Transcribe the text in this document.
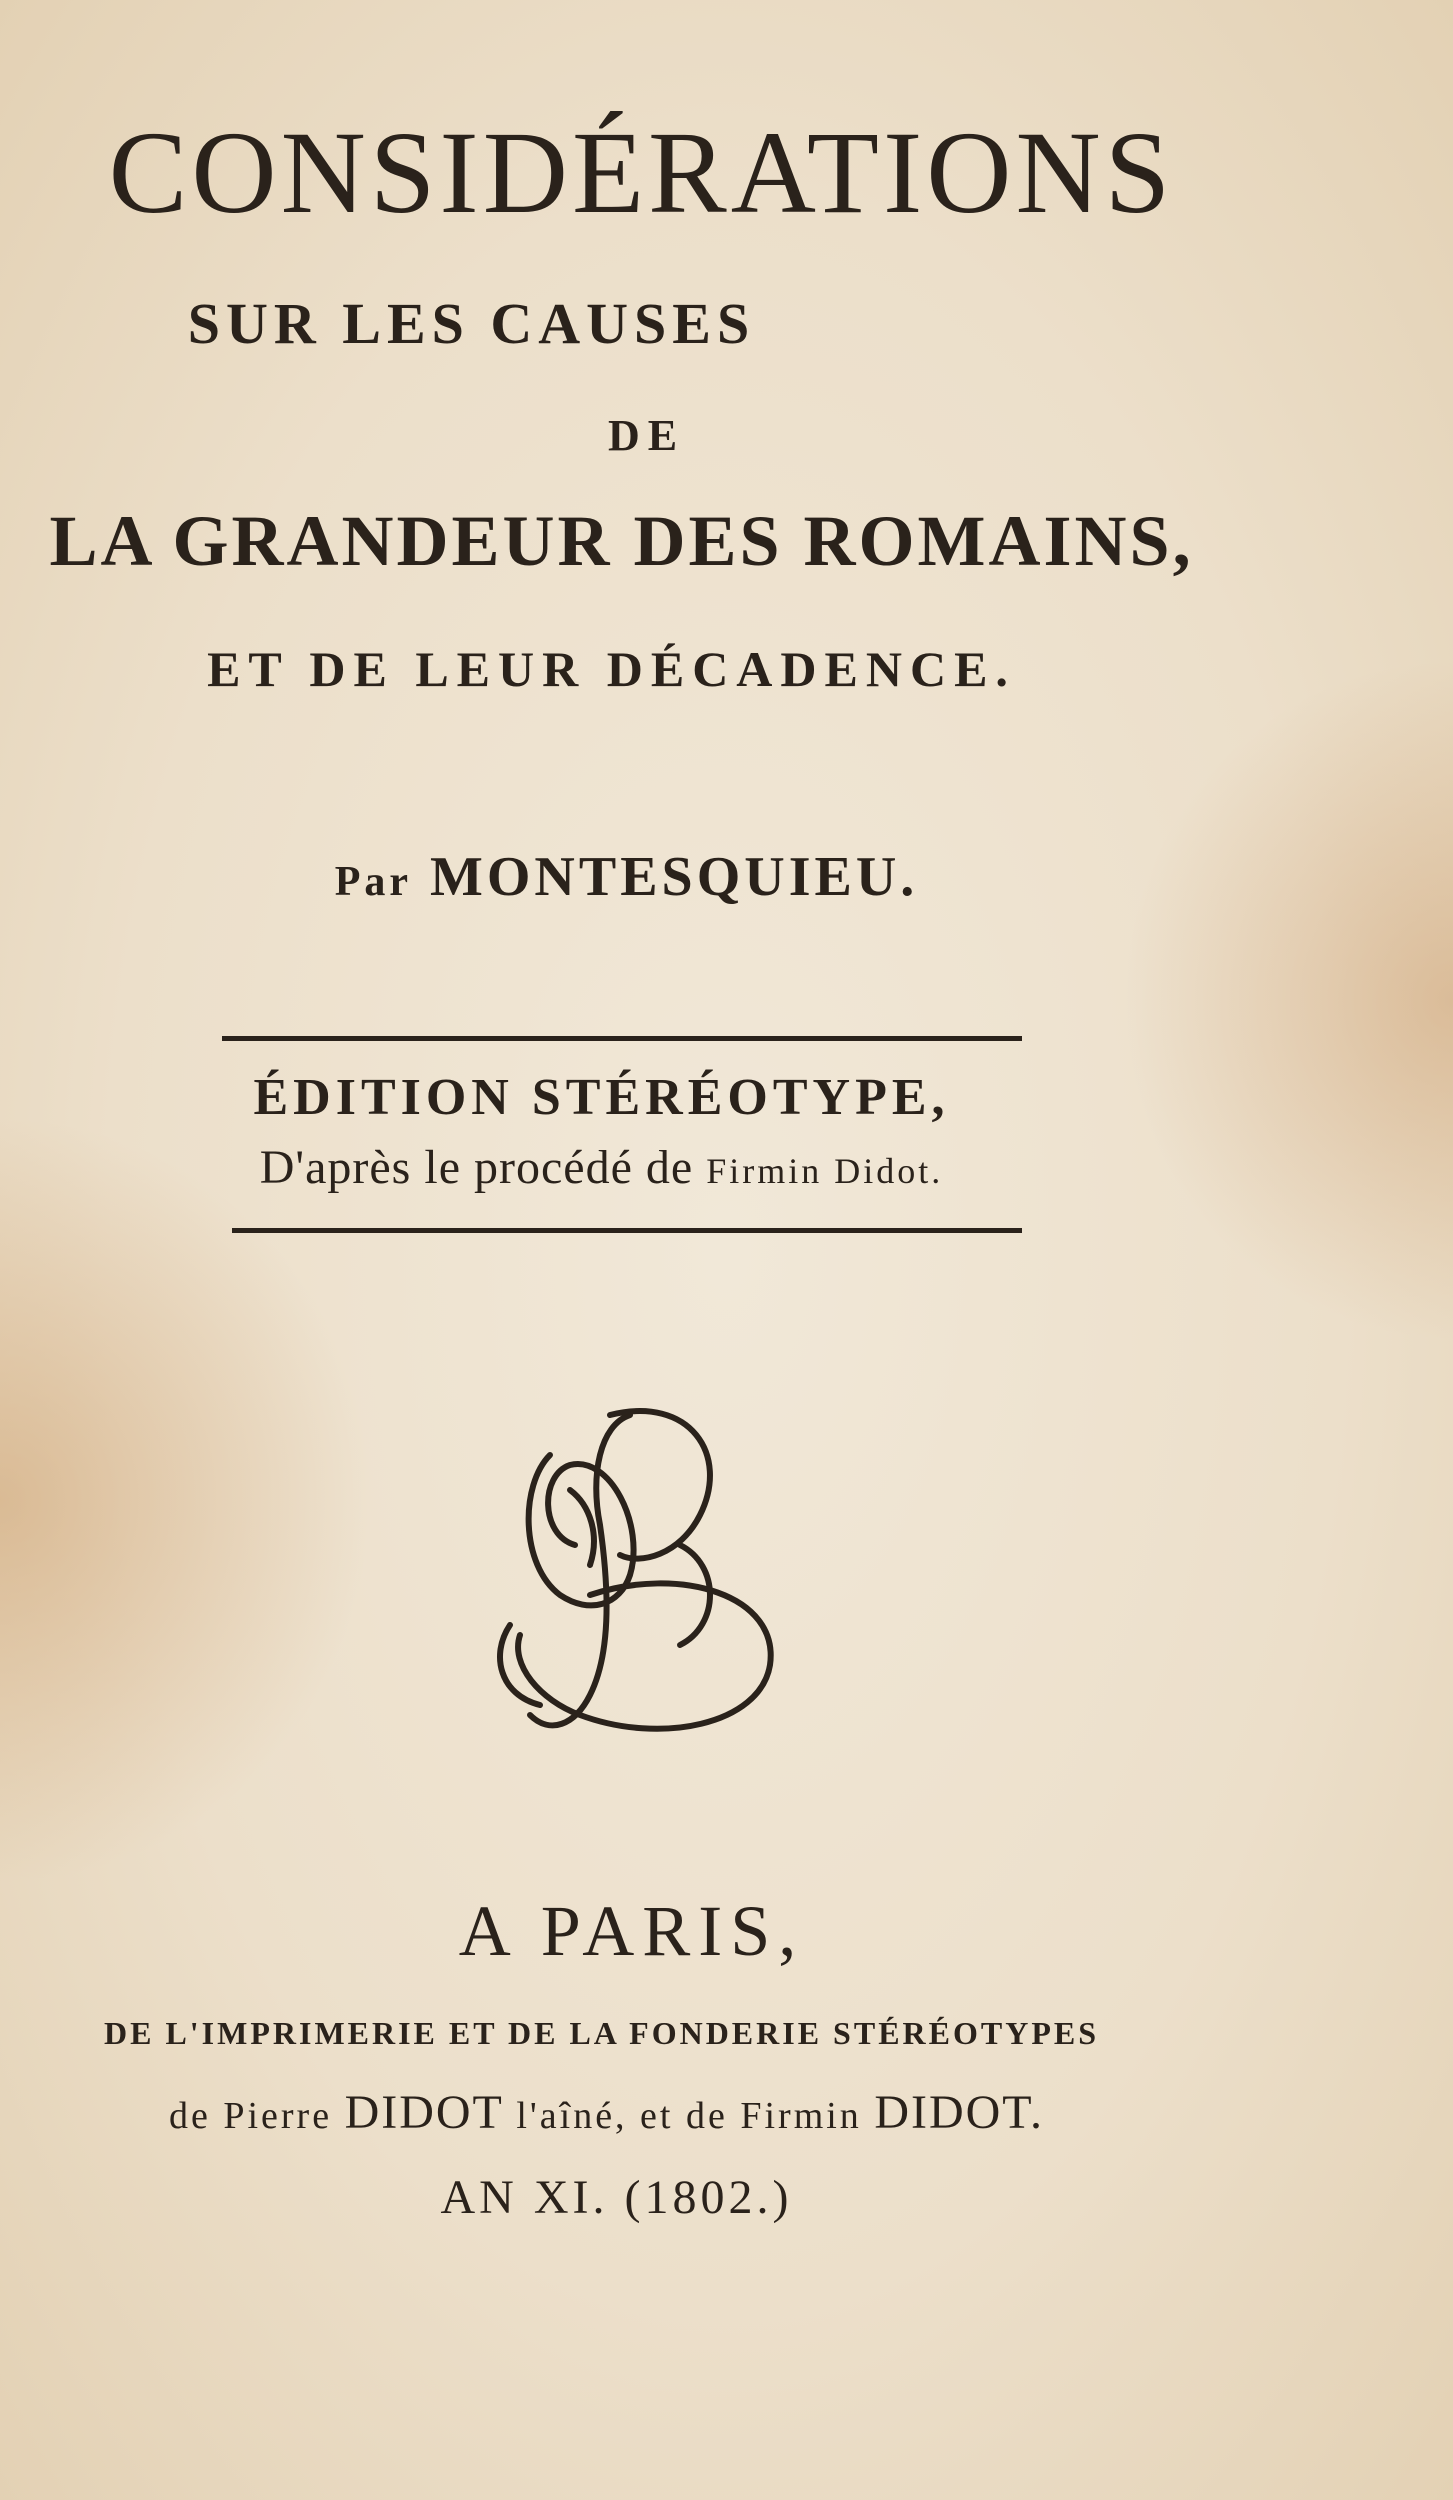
CONSIDÉRATIONS
SUR LES CAUSES
DE
LA GRANDEUR DES ROMAINS,
ET DE LEUR DÉCADENCE.
Par MONTESQUIEU.
ÉDITION STÉRÉOTYPE,
D'après le procédé de Firmin Didot.
A PARIS,
DE L'IMPRIMERIE ET DE LA FONDERIE STÉRÉOTYPES
de Pierre DIDOT l'aîné, et de Firmin DIDOT.
AN XI. (1802.)
